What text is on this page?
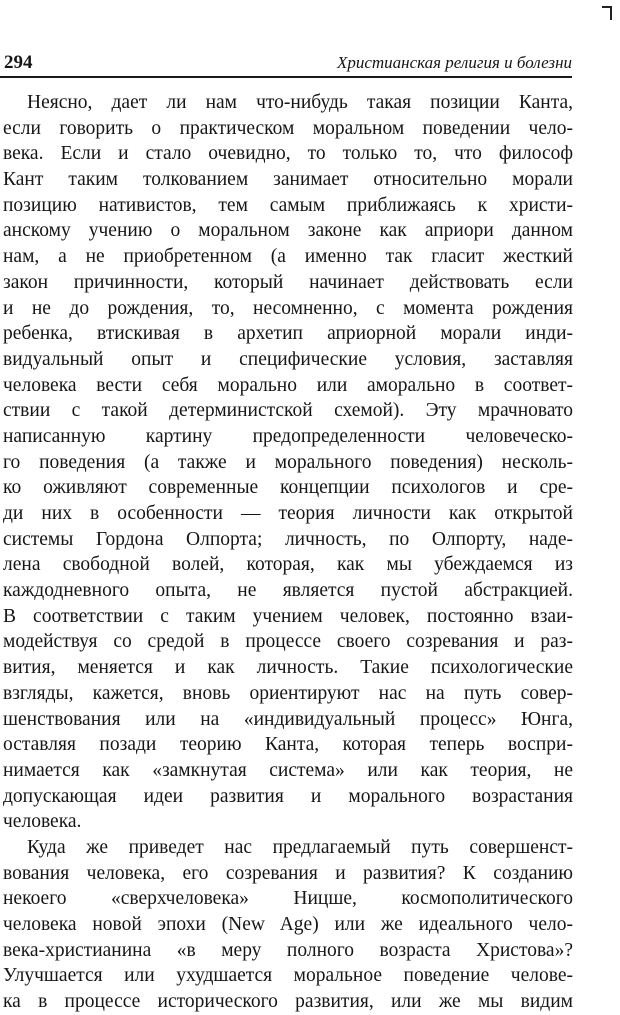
294	Христианская религия и болезни
Неясно, дает ли нам что-нибудь такая позиции Канта,
если говорить о практическом моральном поведении чело-
века. Если и стало очевидно, то только то, что философ
Кант таким толкованием занимает относительно морали
позицию нативистов, тем самым приближаясь к христи-
анскому учению о моральном законе как априори данном
нам, а не приобретенном (а именно так гласит жесткий
закон причинности, который начинает действовать если
и не до рождения, то, несомненно, с момента рождения
ребенка, втискивая в архетип априорной морали инди-
видуальный опыт и специфические условия, заставляя
человека вести себя морально или аморально в соответ-
ствии с такой детерминистской схемой). Эту мрачновато
написанную картину предопределенности человеческо-
го поведения (а также и морального поведения) несколь-
ко оживляют современные концепции психологов и сре-
ди них в особенности — теория личности как открытой
системы Гордона Олпорта; личность, по Олпорту, наде-
лена свободной волей, которая, как мы убеждаемся из
каждодневного опыта, не является пустой абстракцией.
В соответствии с таким учением человек, постоянно взаи-
модействуя со средой в процессе своего созревания и раз-
вития, меняется и как личность. Такие психологические
взгляды, кажется, вновь ориентируют нас на путь совер-
шенствования или на «индивидуальный процесс» Юнга,
оставляя позади теорию Канта, которая теперь воспри-
нимается как «замкнутая система» или как теория, не
допускающая идеи развития и морального возрастания
человека.
Куда же приведет нас предлагаемый путь совершенст-
вования человека, его созревания и развития? К созданию
некоего «сверхчеловека» Ницше, космополитического
человека новой эпохи (New Age) или же идеального чело-
века-христианина «в меру полного возраста Христова»?
Улучшается или ухудшается моральное поведение челове-
ка в процессе исторического развития, или же мы видим
